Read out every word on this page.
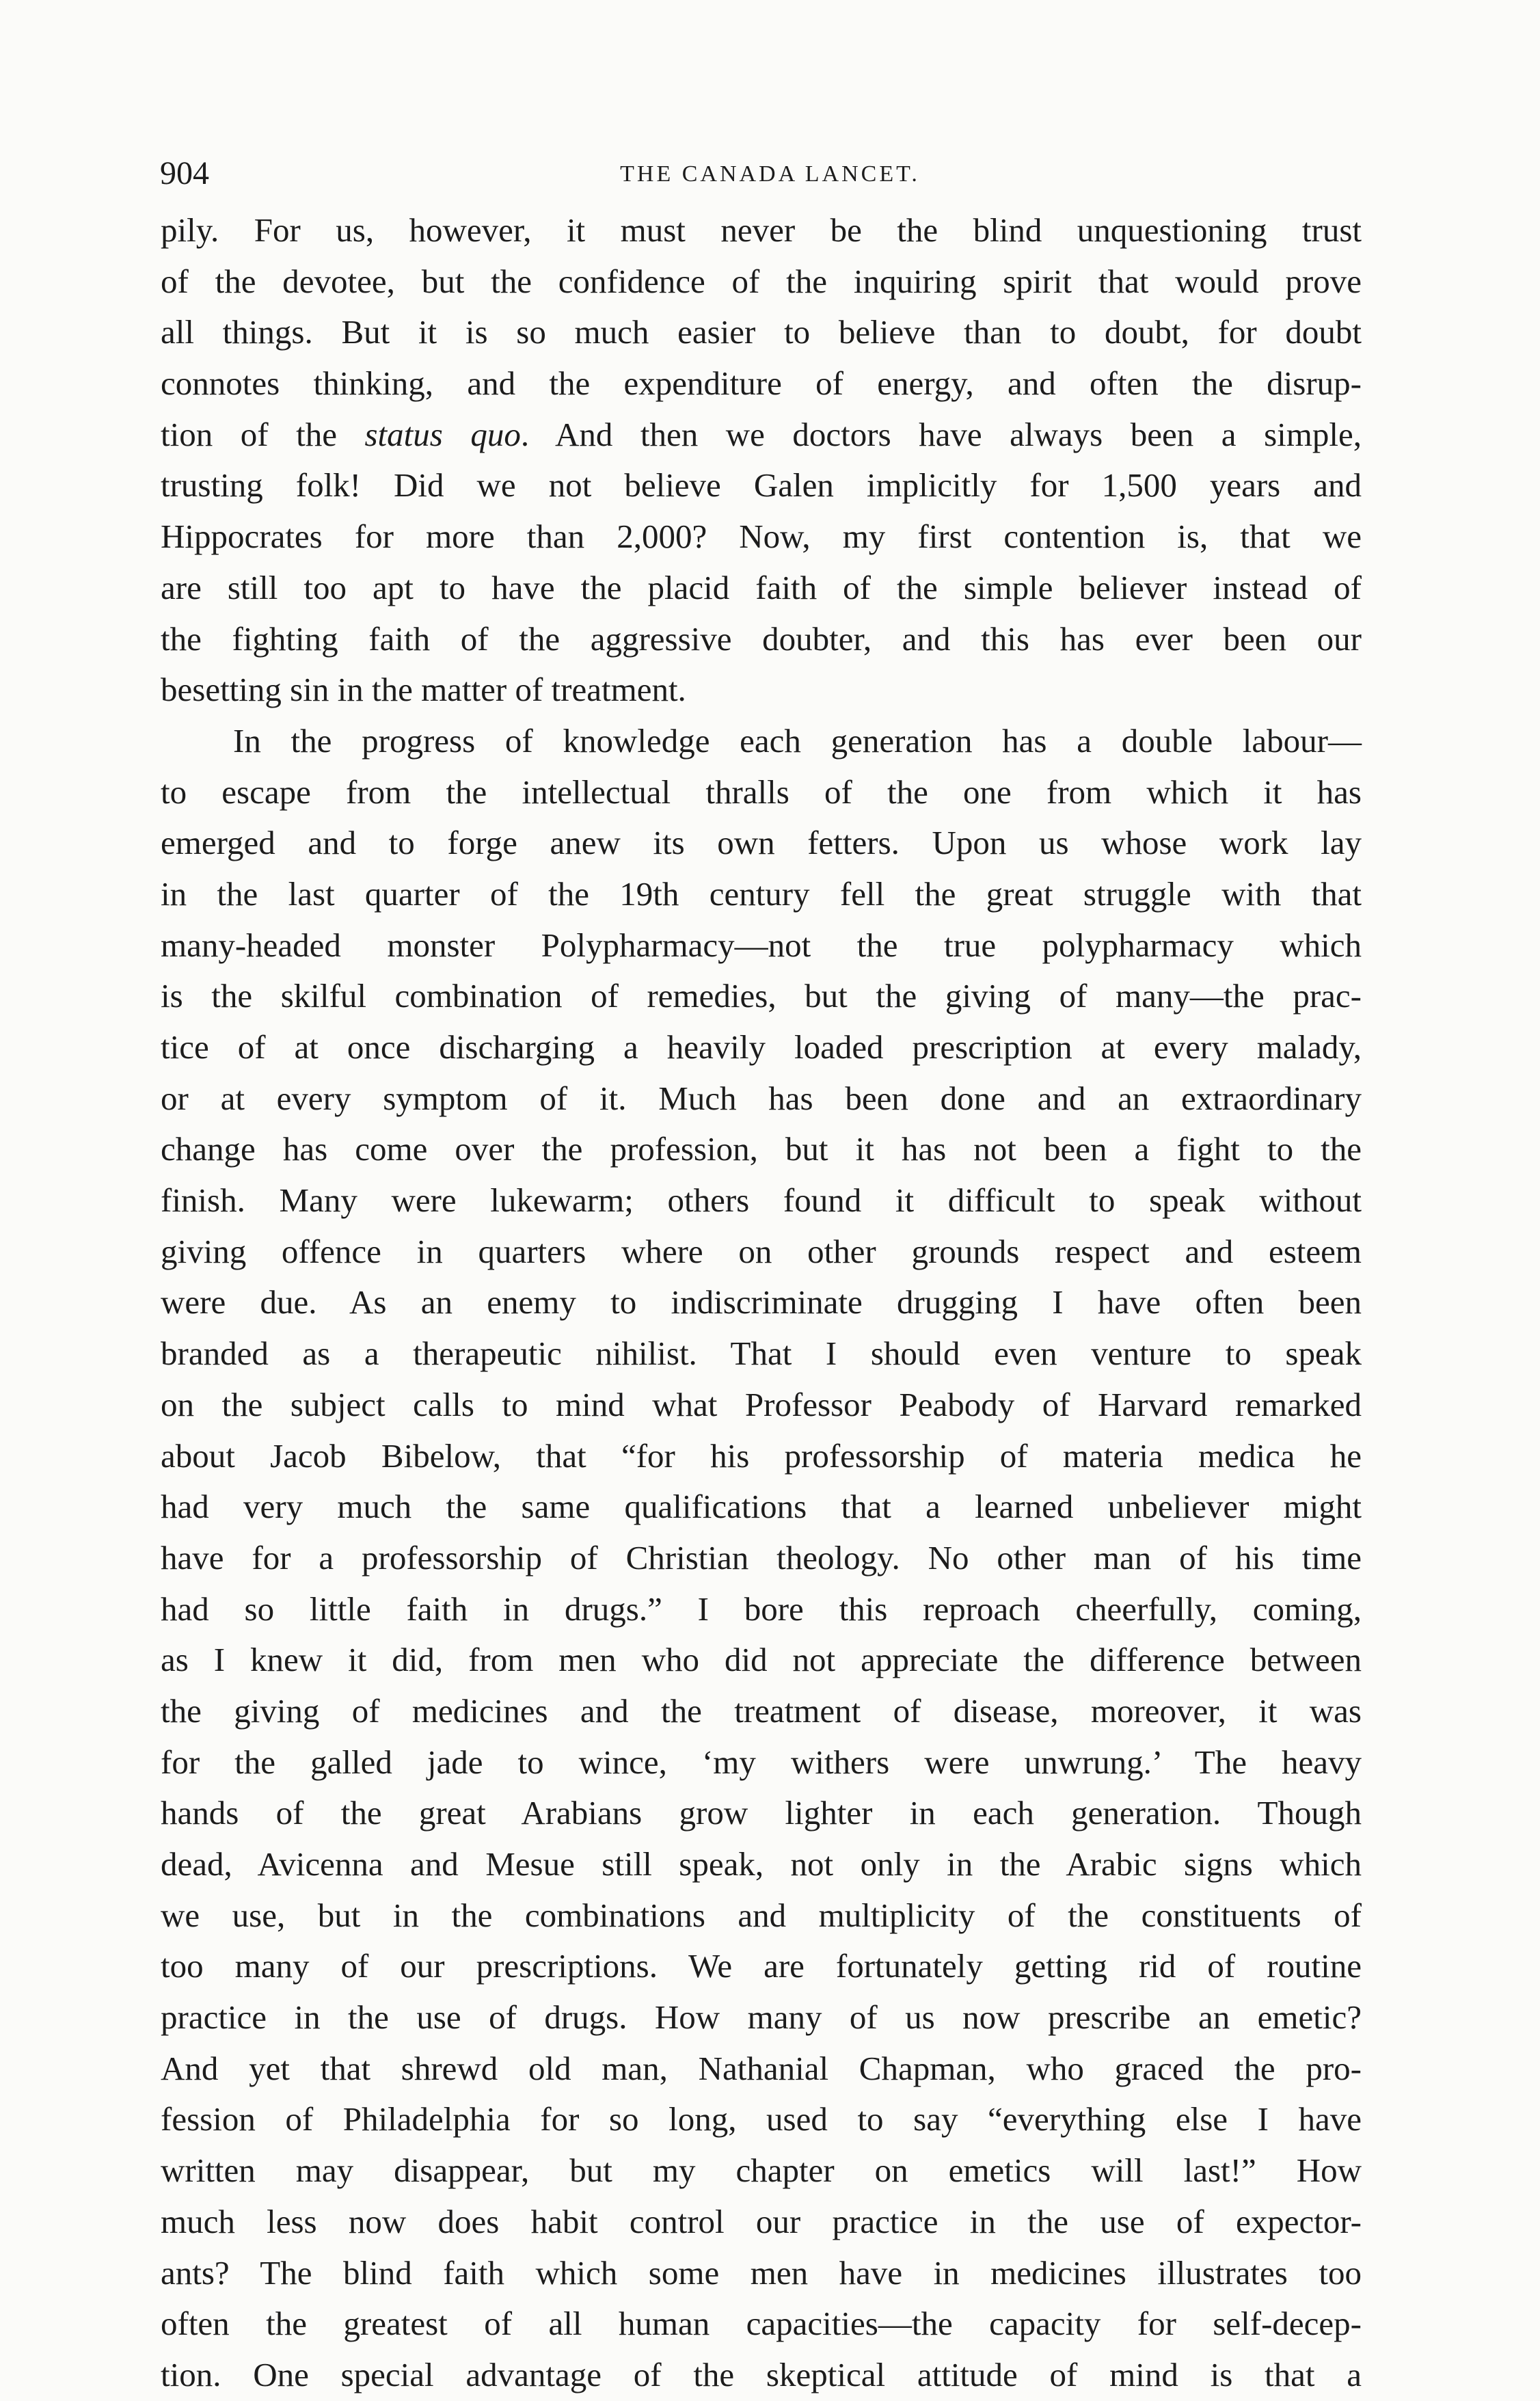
904	THE CANADA LANCET.
pily. For us, however, it must never be the blind unquestioning trust
of the devotee, but the confidence of the inquiring spirit that would prove
all things. But it is so much easier to believe than to doubt, for doubt
connotes thinking, and the expenditure of energy, and often the disrup-
tion of the status quo. And then we doctors have always been a simple,
trusting folk! Did we not believe Galen implicitly for 1,500 years and
Hippocrates for more than 2,000? Now, my first contention is, that we
are still too apt to have the placid faith of the simple believer instead of
the fighting faith of the aggressive doubter, and this has ever been our
besetting sin in the matter of treatment.
In the progress of knowledge each generation has a double labour—
to escape from the intellectual thralls of the one from which it has
emerged and to forge anew its own fetters. Upon us whose work lay
in the last quarter of the 19th century fell the great struggle with that
many-headed monster Polypharmacy—not the true polypharmacy which
is the skilful combination of remedies, but the giving of many—the prac-
tice of at once discharging a heavily loaded prescription at every malady,
or at every symptom of it. Much has been done and an extraordinary
change has come over the profession, but it has not been a fight to the
finish. Many were lukewarm; others found it difficult to speak without
giving offence in quarters where on other grounds respect and esteem
were due. As an enemy to indiscriminate drugging I have often been
branded as a therapeutic nihilist. That I should even venture to speak
on the subject calls to mind what Professor Peabody of Harvard remarked
about Jacob Bibelow, that “for his professorship of materia medica he
had very much the same qualifications that a learned unbeliever might
have for a professorship of Christian theology. No other man of his time
had so little faith in drugs.” I bore this reproach cheerfully, coming,
as I knew it did, from men who did not appreciate the difference between
the giving of medicines and the treatment of disease, moreover, it was
for the galled jade to wince, ‘my withers were unwrung.’ The heavy
hands of the great Arabians grow lighter in each generation. Though
dead, Avicenna and Mesue still speak, not only in the Arabic signs which
we use, but in the combinations and multiplicity of the constituents of
too many of our prescriptions. We are fortunately getting rid of routine
practice in the use of drugs. How many of us now prescribe an emetic?
And yet that shrewd old man, Nathanial Chapman, who graced the pro-
fession of Philadelphia for so long, used to say “everything else I have
written may disappear, but my chapter on emetics will last!” How
much less now does habit control our practice in the use of expector-
ants? The blind faith which some men have in medicines illustrates too
often the greatest of all human capacities—the capacity for self-decep-
tion. One special advantage of the skeptical attitude of mind is that a
